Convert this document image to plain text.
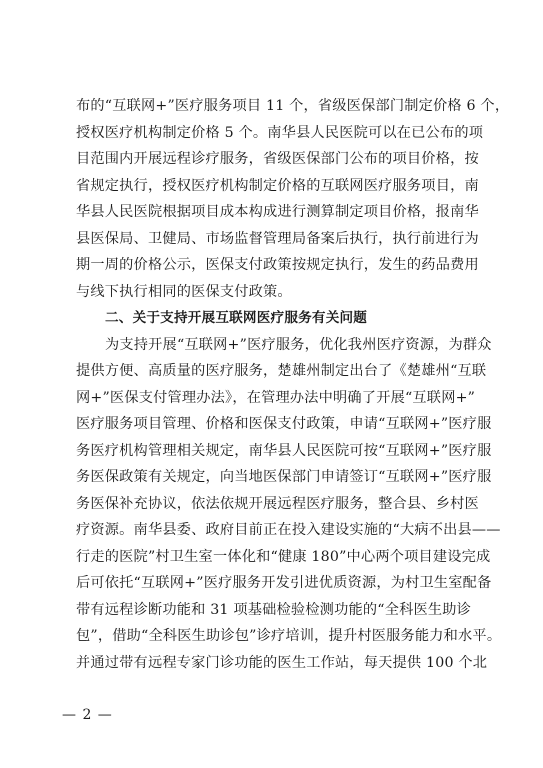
布的“互联网+”医疗服务项目 11 个，省级医保部门制定价格 6 个，
授权医疗机构制定价格 5 个。南华县人民医院可以在已公布的项
目范围内开展远程诊疗服务，省级医保部门公布的项目价格，按
省规定执行，授权医疗机构制定价格的互联网医疗服务项目，南
华县人民医院根据项目成本构成进行测算制定项目价格，报南华
县医保局、卫健局、市场监督管理局备案后执行，执行前进行为
期一周的价格公示，医保支付政策按规定执行，发生的药品费用
与线下执行相同的医保支付政策。
二、关于支持开展互联网医疗服务有关问题
为支持开展“互联网+”医疗服务，优化我州医疗资源，为群众
提供方便、高质量的医疗服务，楚雄州制定出台了《楚雄州“互联
网+”医保支付管理办法》，在管理办法中明确了开展“互联网+”
医疗服务项目管理、价格和医保支付政策，申请“互联网+”医疗服
务医疗机构管理相关规定，南华县人民医院可按“互联网+”医疗服
务医保政策有关规定，向当地医保部门申请签订“互联网+”医疗服
务医保补充协议，依法依规开展远程医疗服务，整合县、乡村医
疗资源。南华县委、政府目前正在投入建设实施的“大病不出县——
行走的医院”村卫生室一体化和“健康 180”中心两个项目建设完成
后可依托“互联网+”医疗服务开发引进优质资源，为村卫生室配备
带有远程诊断功能和 31 项基础检验检测功能的“全科医生助诊
包”，借助“全科医生助诊包”诊疗培训，提升村医服务能力和水平。
并通过带有远程专家门诊功能的医生工作站，每天提供 100 个北
— 2 —
